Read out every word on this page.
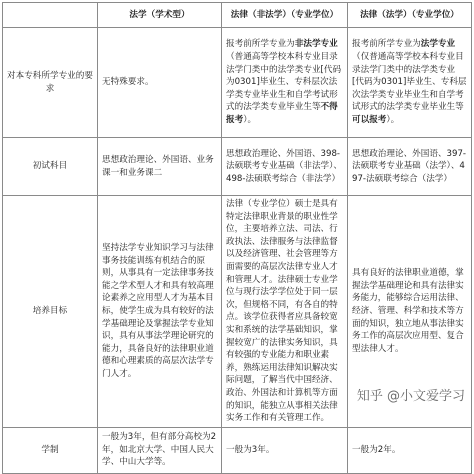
	法学（学术型）	法律（非法学）（专业学位）	法律（法学）（专业学位）
对本专科所学专业的要求	无特殊要求。	报考前所学专业为非法学专业（普通高等学校本科专业目录法学门类中的法学类专业[代码为0301]毕业生、专科层次法学类专业毕业生和自学考试形式的法学类专业毕业生等不得报考）。	报考前所学专业为法学专业（仅普通高等学校本科专业目录法学门类中的法学类专业[代码为0301]毕业生、专科层次法学类专业毕业生和自学考试形式的法学类专业毕业生等可以报考）。
初试科目	思想政治理论、外国语、业务课一和业务课二	思想政治理论、外国语、398-法硕联考专业基础（非法学）、498-法硕联考综合（非法学）	思想政治理论、外国语、397-法硕联考专业基础（法学）、497-法硕联考综合（法学）
培养目标	坚持法学专业知识学习与法律事务技能训练有机结合的原则，从事具有一定法律事务技能之学术型人才和具有较高理论素养之应用型人才为基本目标，使学生成为具有较好的法学基础理论及掌握法学专业知识，具有从事法学理论研究的能力，具备良好的法律职业道德和心理素质的高层次法学专门人才。	法律（专业学位）硕士是具有特定法律职业背景的职业性学位，主要培养立法、司法、行政执法、法律服务与法律监督以及经济管理、社会管理等方面需要的高层次法律专业人才和管理人才。法律硕士专业学位与现行法学学位处于同一层次，但规格不同，有各自的特点。该学位获得者应具备较宽实和系统的法学基础知识，掌握较宽广的法律实务知识，具有较强的专业能力和职业素养，熟练运用法律知识解决实际问题，了解当代中国经济、政治、外国法和计算机等方面的知识，能独立从事相关法律实务工作和有关管理工作。	具有良好的法律职业道德，掌握法学基础理论和具有法律实务能力，能够综合运用法律、经济、管理、科学和技术等方面的知识，独立地从事法律实务工作的高层次应用型、复合型法律人才。
学制	一般为3年，但有部分高校为2年，如北京大学、中国人民大学、中山大学等。	一般为3年。	一般为2年。
知乎 @小文爱学习
